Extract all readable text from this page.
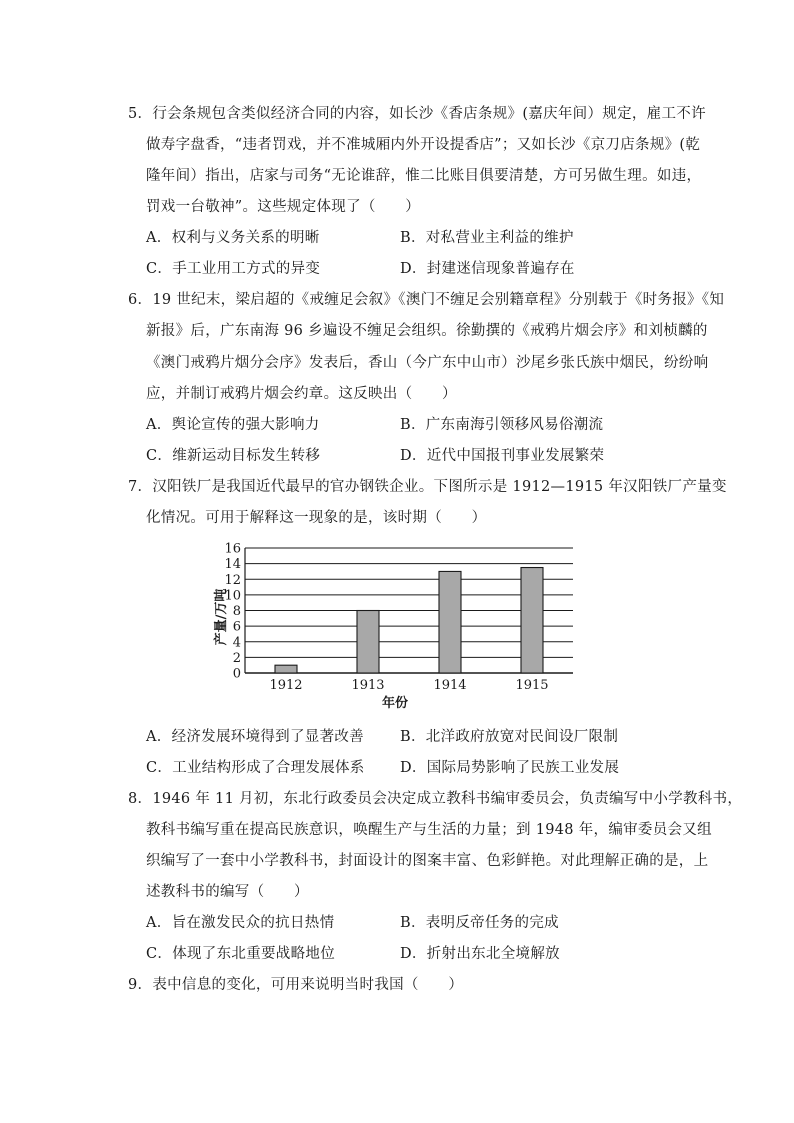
5．行会条规包含类似经济合同的内容，如长沙《香店条规》(嘉庆年间）规定，雇工不许
做寿字盘香，“违者罚戏，并不准城厢内外开设提香店”；又如长沙《京刀店条规》(乾
隆年间）指出，店家与司务“无论谁辞，惟二比账目俱要清楚，方可另做生理。如违，
罚戏一台敬神”。这些规定体现了（　　）
A．权利与义务关系的明晰	B．对私营业主利益的维护
C．手工业用工方式的异变	D．封建迷信现象普遍存在
6．19 世纪末，梁启超的《戒缠足会叙》《澳门不缠足会别籍章程》分别载于《时务报》《知
新报》后，广东南海 96 乡遍设不缠足会组织。徐勤撰的《戒鸦片烟会序》和刘桢麟的
《澳门戒鸦片烟分会序》发表后，香山（今广东中山市）沙尾乡张氏族中烟民，纷纷响
应，并制订戒鸦片烟会约章。这反映出（　　）
A．舆论宣传的强大影响力	B．广东南海引领移风易俗潮流
C．维新运动目标发生转移	D．近代中国报刊事业发展繁荣
7．汉阳铁厂是我国近代最早的官办钢铁企业。下图所示是 1912—1915 年汉阳铁厂产量变
化情况。可用于解释这一现象的是，该时期（　　）
0
2
4
6
8
10
12
14
16
1912	1913	1914	1915
产量/万吨
年份
A．经济发展环境得到了显著改善 B．北洋政府放宽对民间设厂限制
C．工业结构形成了合理发展体系 D．国际局势影响了民族工业发展
8．1946 年 11 月初，东北行政委员会决定成立教科书编审委员会，负责编写中小学教科书，
教科书编写重在提高民族意识，唤醒生产与生活的力量；到 1948 年，编审委员会又组
织编写了一套中小学教科书，封面设计的图案丰富、色彩鲜艳。对此理解正确的是，上
述教科书的编写（　　）
A．旨在激发民众的抗日热情	B．表明反帝任务的完成
C．体现了东北重要战略地位	D．折射出东北全境解放
9．表中信息的变化，可用来说明当时我国（　　）
